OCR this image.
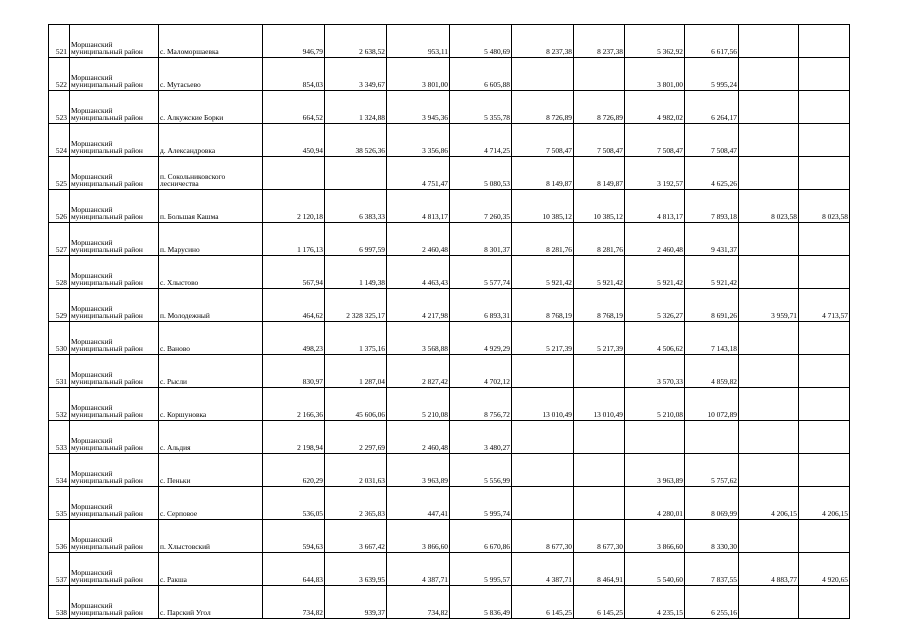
521	Моршанский муниципальный район	с. Маломоршаевка	946,79	2 638,52	953,11	5 480,69	8 237,38	8 237,38	5 362,92	6 617,56		
522	Моршанский муниципальный район	с. Мутасьево	854,03	3 349,67	3 801,00	6 605,88			3 801,00	5 995,24		
523	Моршанский муниципальный район	с. Алкужские Борки	664,52	1 324,88	3 945,36	5 355,78	8 726,89	8 726,89	4 982,02	6 264,17		
524	Моршанский муниципальный район	д. Александровка	450,94	38 526,36	3 356,86	4 714,25	7 508,47	7 508,47	7 508,47	7 508,47		
525	Моршанский муниципальный район	п. Сокольниковского лесничества			4 751,47	5 080,53	8 149,87	8 149,87	3 192,57	4 625,26		
526	Моршанский муниципальный район	п. Большая Кашма	2 120,18	6 383,33	4 813,17	7 260,35	10 385,12	10 385,12	4 813,17	7 893,18	8 023,58	8 023,58
527	Моршанский муниципальный район	п. Марусино	1 176,13	6 997,59	2 460,48	8 301,37	8 281,76	8 281,76	2 460,48	9 431,37		
528	Моршанский муниципальный район	с. Хлыстово	567,94	1 149,38	4 463,43	5 577,74	5 921,42	5 921,42	5 921,42	5 921,42		
529	Моршанский муниципальный район	п. Молодежный	464,62	2 328 325,17	4 217,98	6 893,31	8 768,19	8 768,19	5 326,27	8 691,26	3 959,71	4 713,57
530	Моршанский муниципальный район	с. Ваново	498,23	1 375,16	3 568,88	4 929,29	5 217,39	5 217,39	4 506,62	7 143,18		
531	Моршанский муниципальный район	с. Рысли	830,97	1 287,04	2 827,42	4 702,12			3 570,33	4 859,82		
532	Моршанский муниципальный район	с. Коршуновка	2 166,36	45 606,06	5 210,08	8 756,72	13 010,49	13 010,49	5 210,08	10 072,89		
533	Моршанский муниципальный район	с. Альдия	2 198,94	2 297,69	2 460,48	3 480,27						
534	Моршанский муниципальный район	с. Пеньки	620,29	2 031,63	3 963,89	5 556,99			3 963,89	5 757,62		
535	Моршанский муниципальный район	с. Серповое	536,05	2 365,83	447,41	5 995,74			4 280,01	8 069,99	4 206,15	4 206,15
536	Моршанский муниципальный район	п. Хлыстовский	594,63	3 667,42	3 866,60	6 670,86	8 677,30	8 677,30	3 866,60	8 330,30		
537	Моршанский муниципальный район	с. Ракша	644,83	3 639,95	4 387,71	5 995,57	4 387,71	8 464,91	5 540,60	7 837,55	4 883,77	4 920,65
538	Моршанский муниципальный район	с. Парский Угол	734,82	939,37	734,82	5 836,49	6 145,25	6 145,25	4 235,15	6 255,16		
